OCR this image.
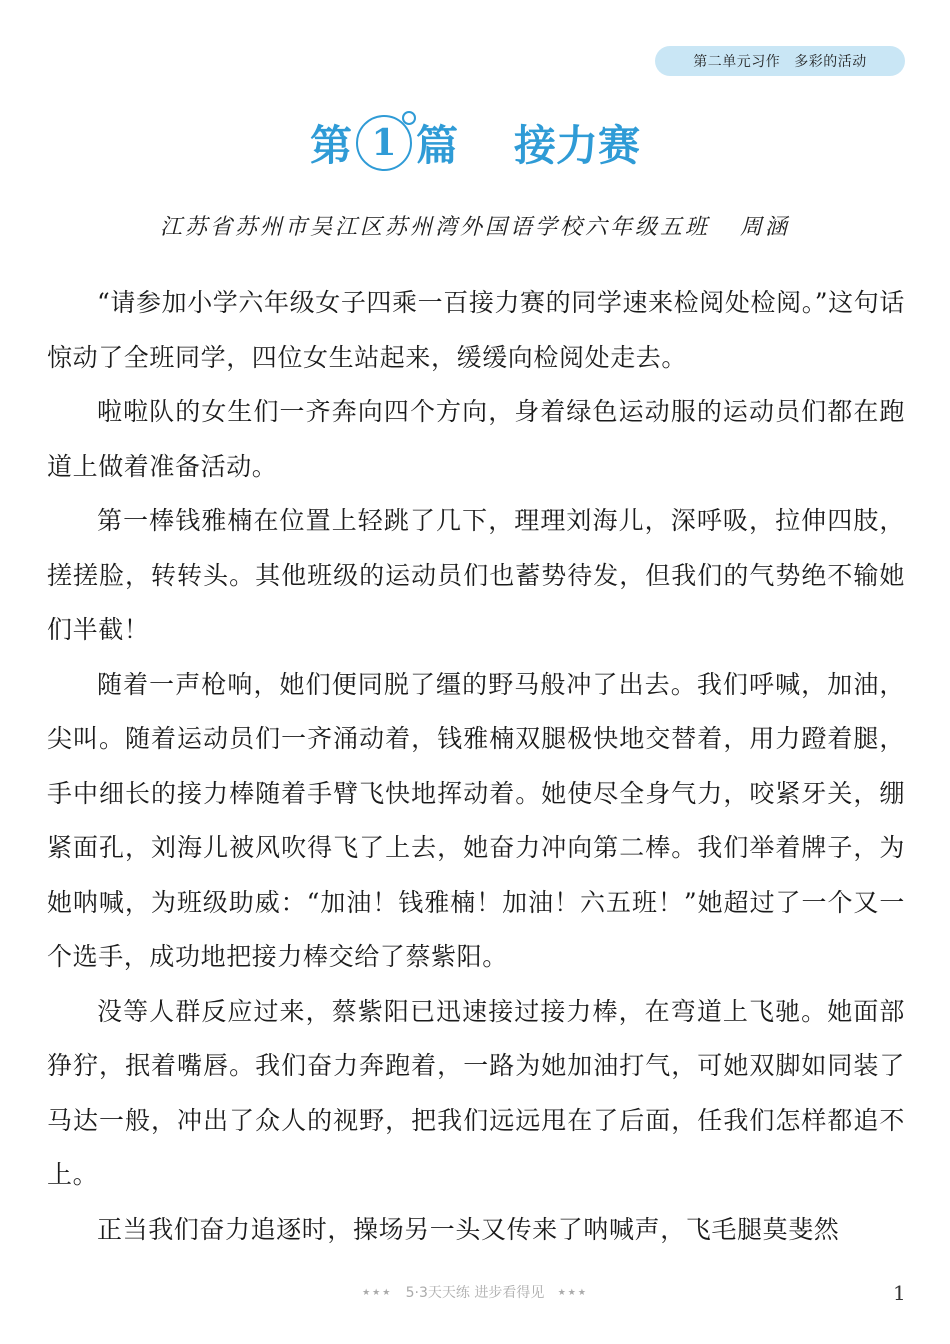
第二单元习作 多彩的活动
第 1 篇 接力赛
江苏省苏州市吴江区苏州湾外国语学校六年级五班 周涵

“请参加小学六年级女子四乘一百接力赛的同学速来检阅处检阅。”这句话惊动了全班同学，四位女生站起来，缓缓向检阅处走去。

啦啦队的女生们一齐奔向四个方向，身着绿色运动服的运动员们都在跑道上做着准备活动。

第一棒钱雅楠在位置上轻跳了几下，理理刘海儿，深呼吸，拉伸四肢，搓搓脸，转转头。其他班级的运动员们也蓄势待发，但我们的气势绝不输她们半截！

随着一声枪响，她们便同脱了缰的野马般冲了出去。我们呼喊，加油，尖叫。随着运动员们一齐涌动着，钱雅楠双腿极快地交替着，用力蹬着腿，手中细长的接力棒随着手臂飞快地挥动着。她使尽全身气力，咬紧牙关，绷紧面孔，刘海儿被风吹得飞了上去，她奋力冲向第二棒。我们举着牌子，为她呐喊，为班级助威：“加油！钱雅楠！加油！六五班！”她超过了一个又一个选手，成功地把接力棒交给了蔡紫阳。

没等人群反应过来，蔡紫阳已迅速接过接力棒，在弯道上飞驰。她面部狰狞，抿着嘴唇。我们奋力奔跑着，一路为她加油打气，可她双脚如同装了马达一般，冲出了众人的视野，把我们远远甩在了后面，任我们怎样都追不上。

正当我们奋力追逐时，操场另一头又传来了呐喊声，飞毛腿莫斐然

★★★ 5·3天天练 进步看得见 ★★★	1
